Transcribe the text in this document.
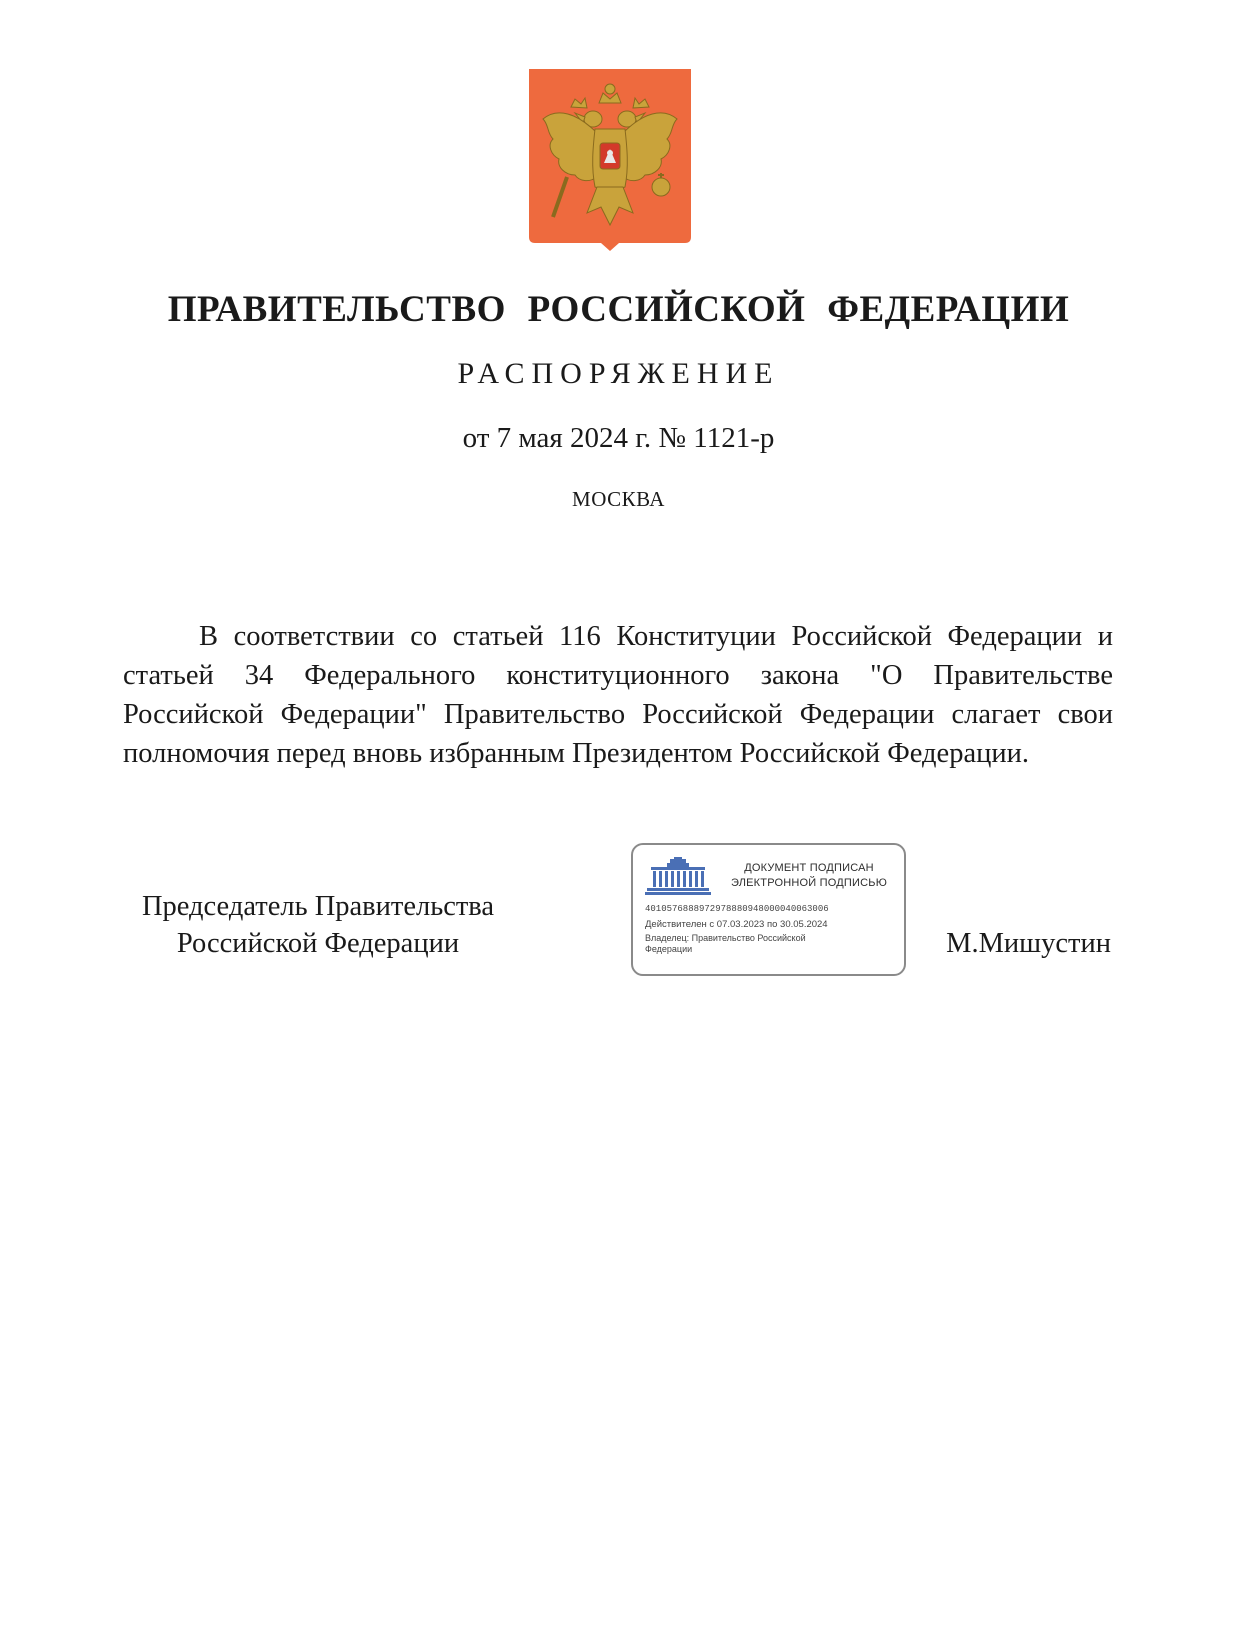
ПРАВИТЕЛЬСТВО РОССИЙСКОЙ ФЕДЕРАЦИИ
РАСПОРЯЖЕНИЕ
от 7 мая 2024 г. № 1121-р
МОСКВА
В соответствии со статьей 116 Конституции Российской Федерации и статьей 34 Федерального конституционного закона "О Правительстве Российской Федерации" Правительство Российской Федерации слагает свои полномочия перед вновь избранным Президентом Российской Федерации.
Председатель Правительства Российской Федерации
ДОКУМЕНТ ПОДПИСАН
ЭЛЕКТРОННОЙ ПОДПИСЬЮ
4010576888972978880948000040063006
Действителен с 07.03.2023 по 30.05.2024
Владелец: Правительство Российской Федерации	М.Мишустин
